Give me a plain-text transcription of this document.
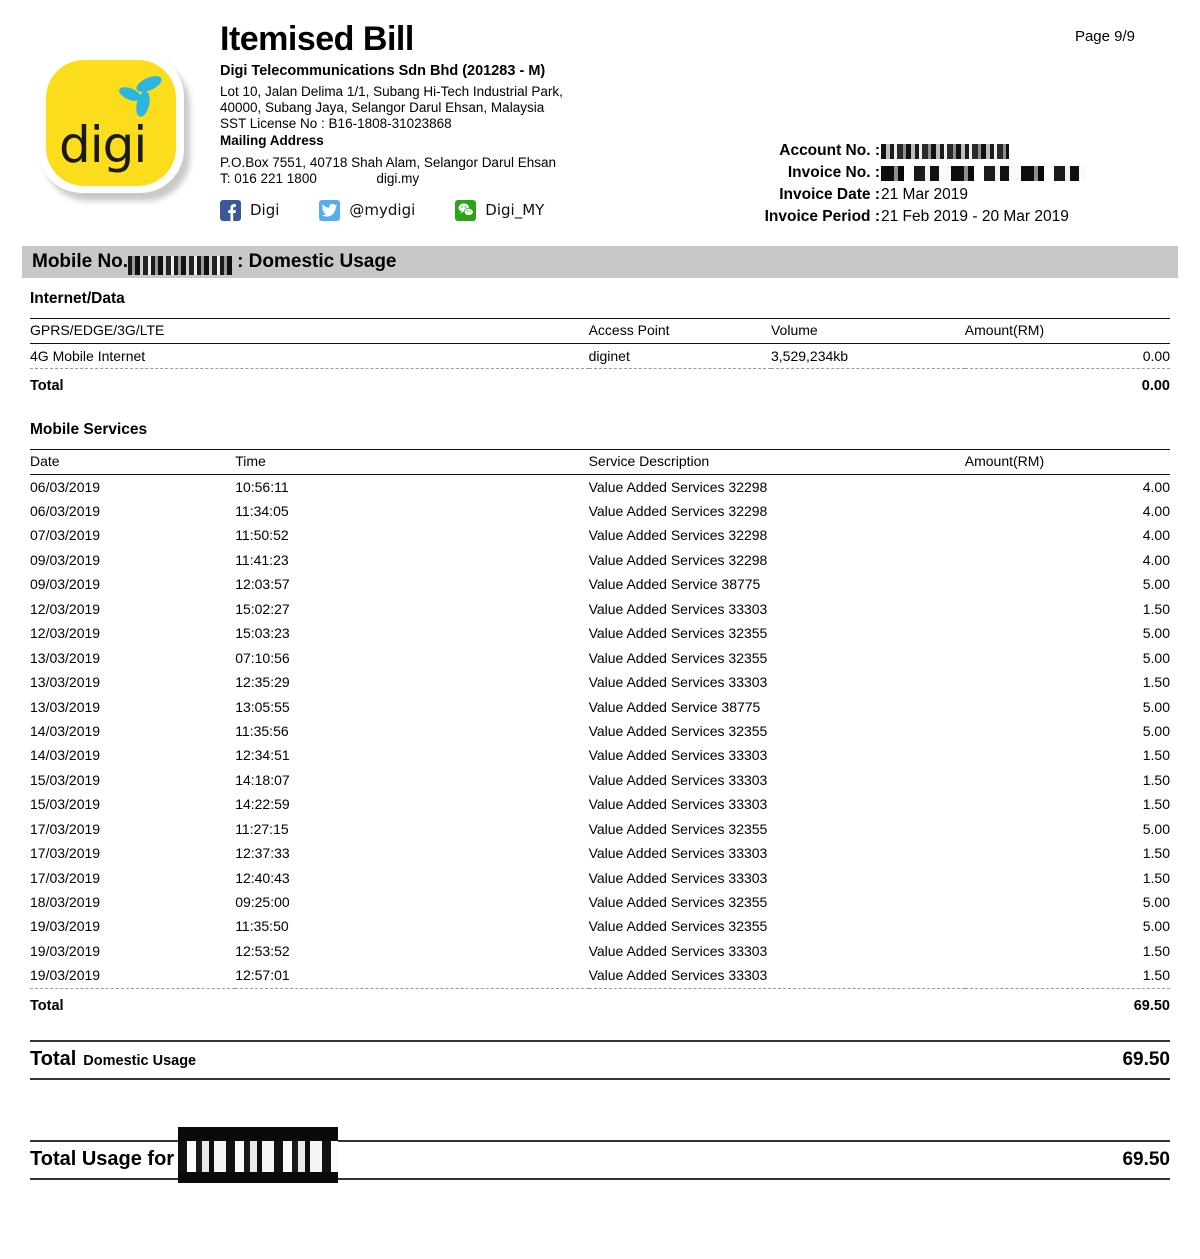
Page 9/9
digi
Itemised Bill
Digi Telecommunications Sdn Bhd (201283 - M)
Lot 10, Jalan Delima 1/1, Subang Hi-Tech Industrial Park,
40000, Subang Jaya, Selangor Darul Ehsan, Malaysia
SST License No : B16-1808-31023868
Mailing Address
P.O.Box 7551, 40718 Shah Alam, Selangor Darul Ehsan
T: 016 221 1800	digi.my
Digi	@mydigi	Digi_MY
Account No. :
Invoice No. :
Invoice Date : 21 Mar 2019
Invoice Period : 21 Feb 2019 - 20 Mar 2019
Mobile No.	: Domestic Usage
Internet/Data
GPRS/EDGE/3G/LTE	Access Point	Volume	Amount(RM)
4G Mobile Internet	diginet	3,529,234kb	0.00
Total			0.00
Mobile Services
Date	Time	Service Description	Amount(RM)
06/03/2019	10:56:11	Value Added Services 32298	4.00
06/03/2019	11:34:05	Value Added Services 32298	4.00
07/03/2019	11:50:52	Value Added Services 32298	4.00
09/03/2019	11:41:23	Value Added Services 32298	4.00
09/03/2019	12:03:57	Value Added Service 38775	5.00
12/03/2019	15:02:27	Value Added Services 33303	1.50
12/03/2019	15:03:23	Value Added Services 32355	5.00
13/03/2019	07:10:56	Value Added Services 32355	5.00
13/03/2019	12:35:29	Value Added Services 33303	1.50
13/03/2019	13:05:55	Value Added Service 38775	5.00
14/03/2019	11:35:56	Value Added Services 32355	5.00
14/03/2019	12:34:51	Value Added Services 33303	1.50
15/03/2019	14:18:07	Value Added Services 33303	1.50
15/03/2019	14:22:59	Value Added Services 33303	1.50
17/03/2019	11:27:15	Value Added Services 32355	5.00
17/03/2019	12:37:33	Value Added Services 33303	1.50
17/03/2019	12:40:43	Value Added Services 33303	1.50
18/03/2019	09:25:00	Value Added Services 32355	5.00
19/03/2019	11:35:50	Value Added Services 32355	5.00
19/03/2019	12:53:52	Value Added Services 33303	1.50
19/03/2019	12:57:01	Value Added Services 33303	1.50
Total			69.50
Total Domestic Usage	69.50
Total Usage for	69.50
